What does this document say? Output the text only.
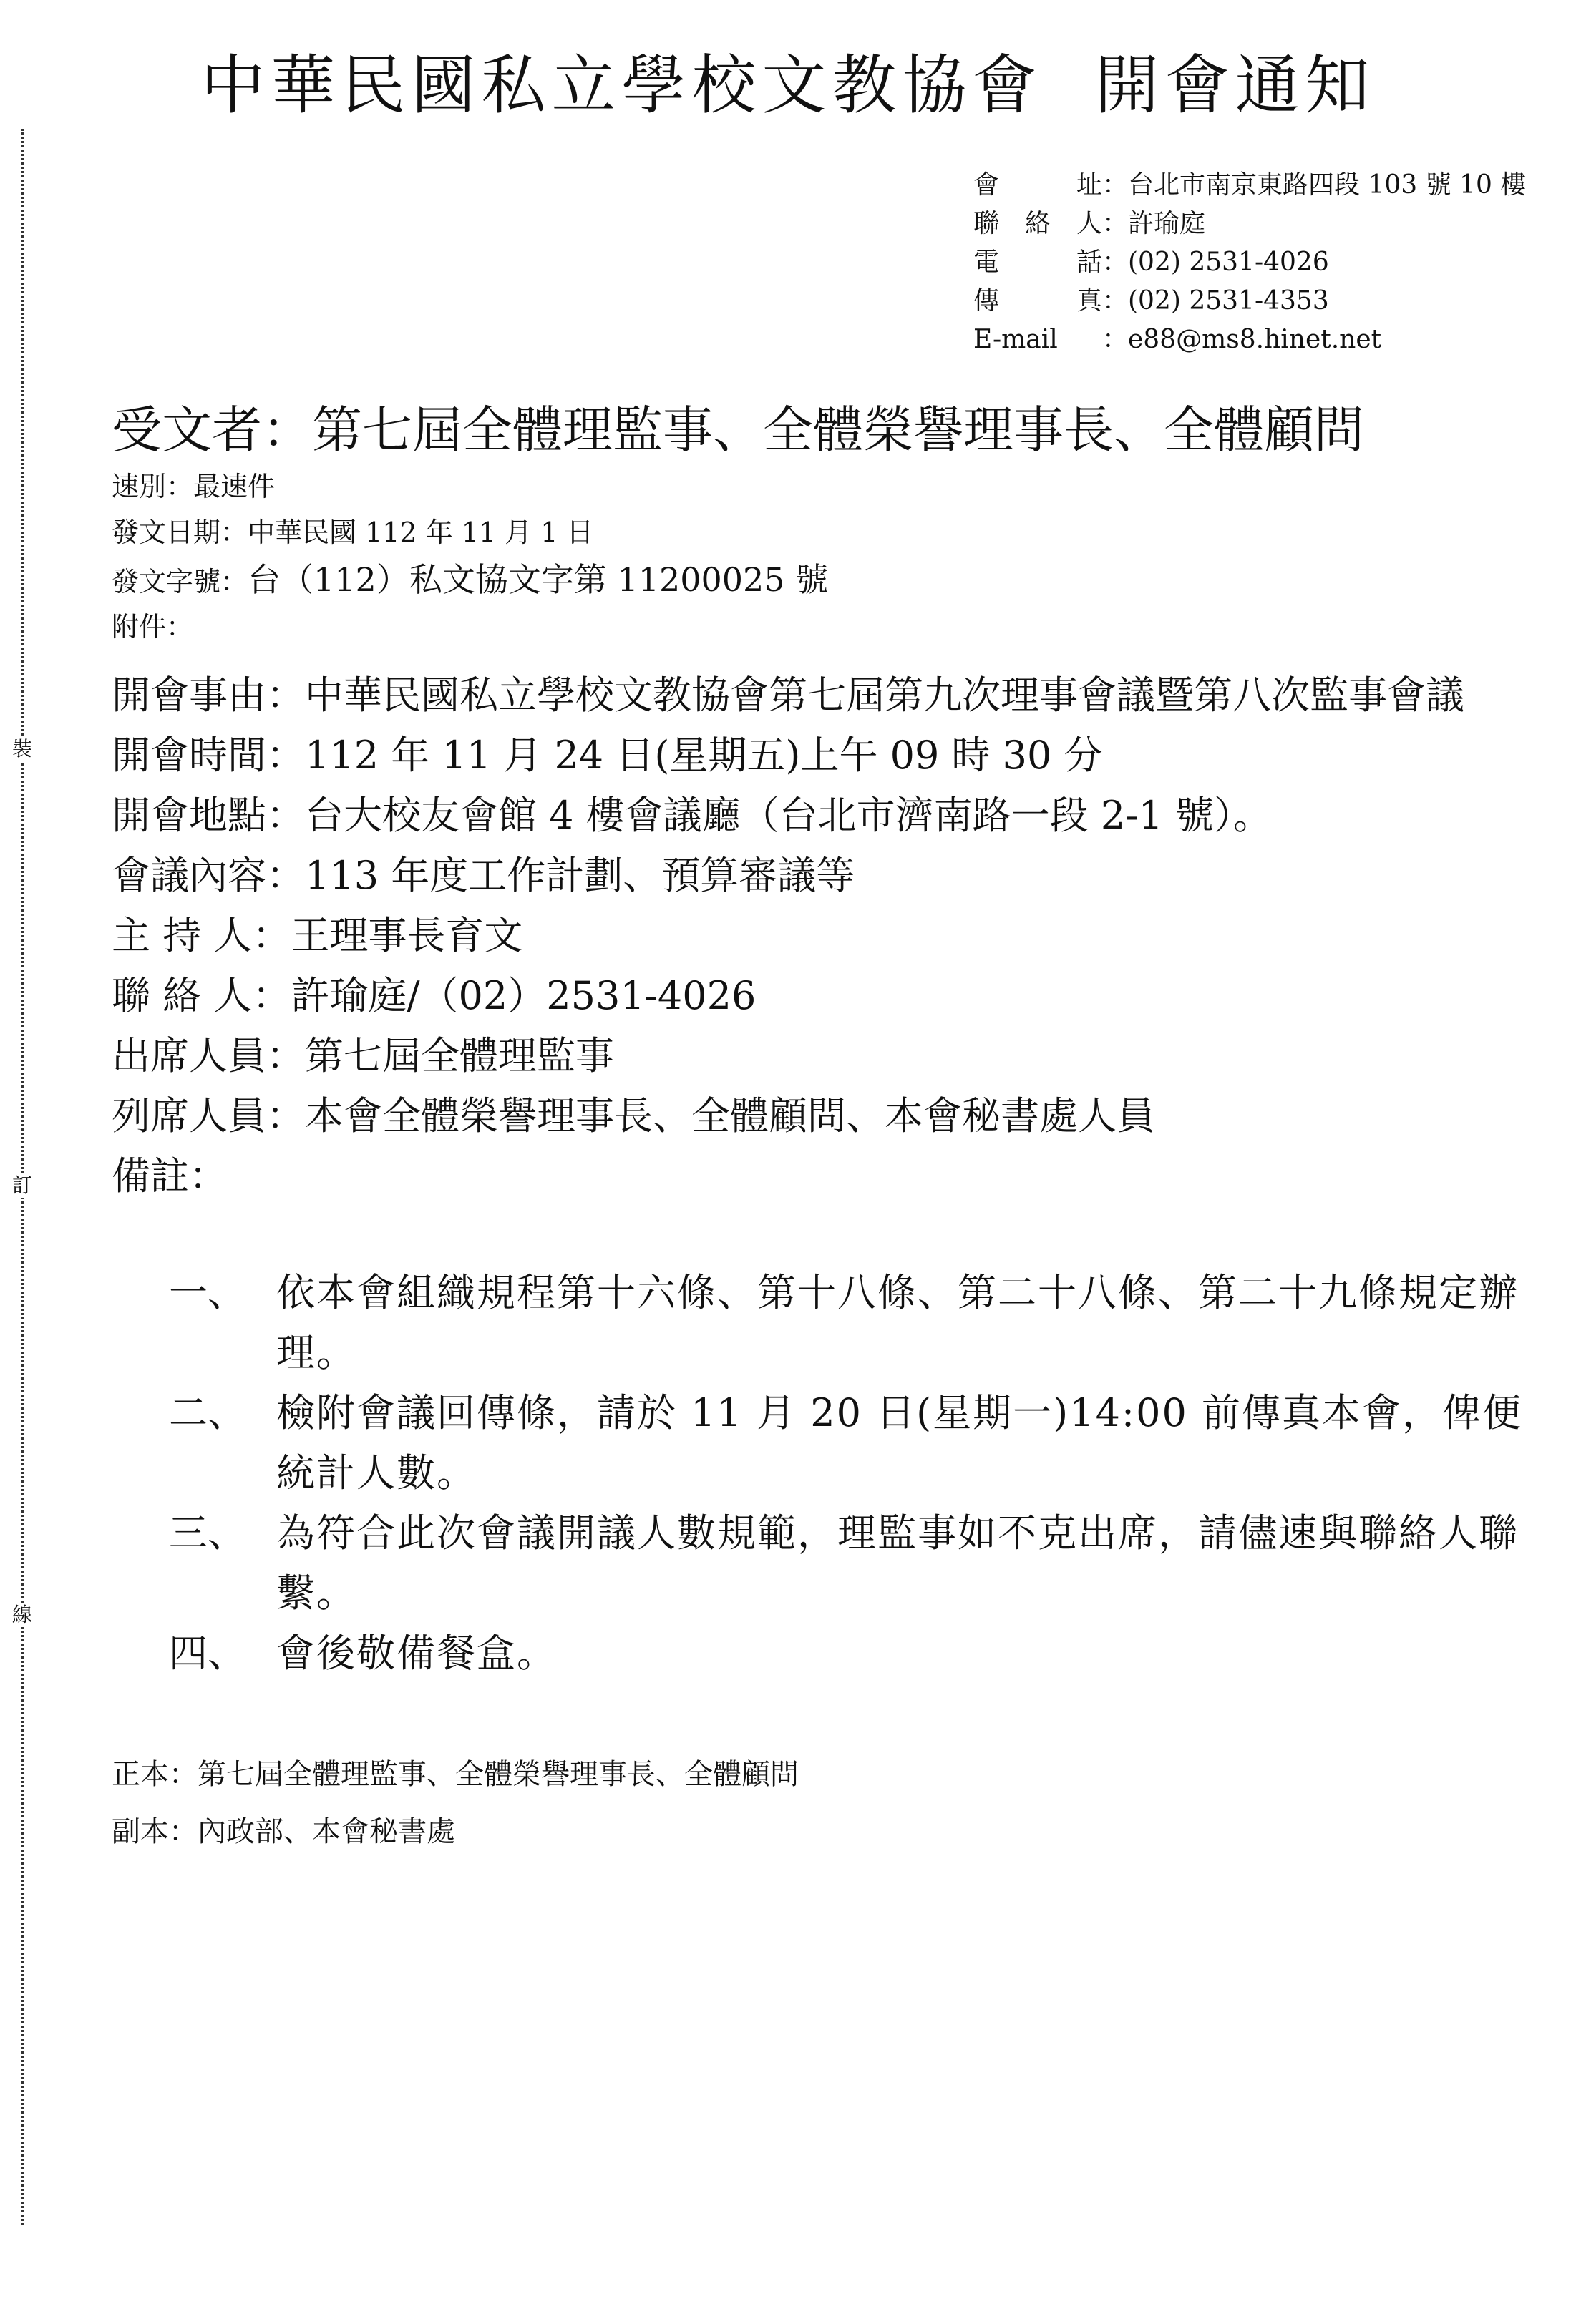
裝
訂
線
中華民國私立學校文教協會  開會通知
會 址：台北市南京東路四段 103 號 10 樓
聯 絡 人：許瑜庭
電 話：(02) 2531-4026
傳 真：(02) 2531-4353
E-mail ：e88@ms8.hinet.net
受文者：第七屆全體理監事、全體榮譽理事長、全體顧問
速別：最速件
發文日期：中華民國 112 年 11 月 1 日
發文字號：台（112）私文協文字第 11200025 號
附件：
開會事由： 中華民國私立學校文教協會第七屆第九次理事會議暨第八次監事會議
開會時間： 112 年 11 月 24 日(星期五)上午 09 時 30 分
開會地點： 台大校友會館 4 樓會議廳（台北市濟南路一段 2-1 號）。
會議內容： 113 年度工作計劃、預算審議等
主 持 人： 王理事長育文
聯 絡 人： 許瑜庭/（02）2531-4026
出席人員： 第七屆全體理監事
列席人員： 本會全體榮譽理事長、全體顧問、本會秘書處人員
備註：
一、 依本會組織規程第十六條、第十八條、第二十八條、第二十九條規定辦理。
二、 檢附會議回傳條，請於 11 月 20 日(星期一)14:00 前傳真本會，俾便統計人數。
三、 為符合此次會議開議人數規範，理監事如不克出席，請儘速與聯絡人聯繫。
四、 會後敬備餐盒。
正本：第七屆全體理監事、全體榮譽理事長、全體顧問
副本：內政部、本會秘書處
